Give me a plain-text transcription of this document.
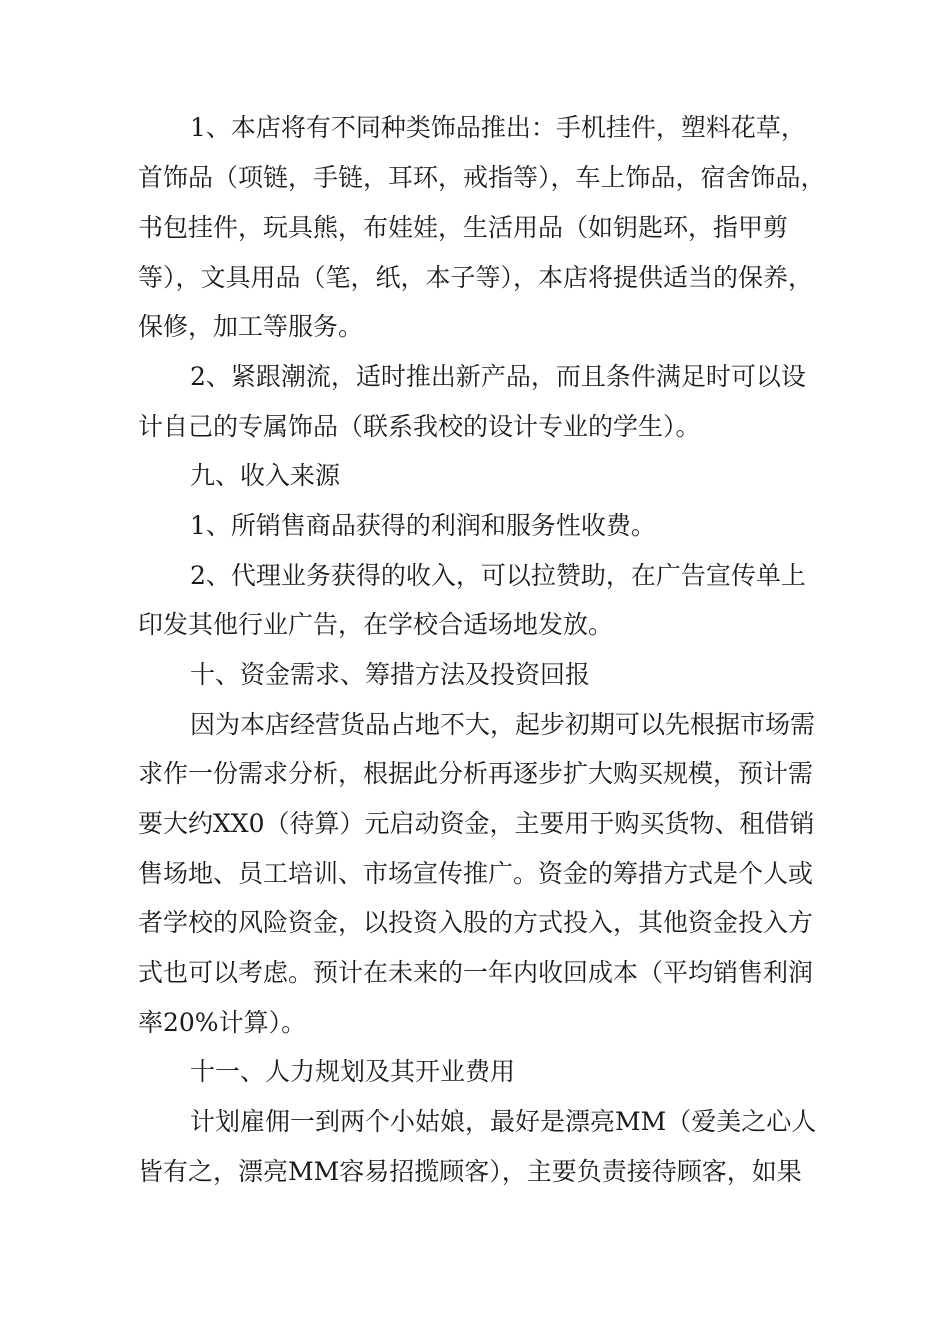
1、本店将有不同种类饰品推出：手机挂件，塑料花草，
首饰品（项链，手链，耳环，戒指等），车上饰品，宿舍饰品，
书包挂件，玩具熊，布娃娃，生活用品（如钥匙环，指甲剪
等），文具用品（笔，纸，本子等），本店将提供适当的保养，
保修，加工等服务。
2、紧跟潮流，适时推出新产品，而且条件满足时可以设
计自己的专属饰品（联系我校的设计专业的学生）。
九、收入来源
1、所销售商品获得的利润和服务性收费。
2、代理业务获得的收入，可以拉赞助，在广告宣传单上
印发其他行业广告，在学校合适场地发放。
十、资金需求、筹措方法及投资回报
因为本店经营货品占地不大，起步初期可以先根据市场需
求作一份需求分析，根据此分析再逐步扩大购买规模，预计需
要大约XX0（待算）元启动资金，主要用于购买货物、租借销
售场地、员工培训、市场宣传推广。资金的筹措方式是个人或
者学校的风险资金，以投资入股的方式投入，其他资金投入方
式也可以考虑。预计在未来的一年内收回成本（平均销售利润
率20%计算）。
十一、人力规划及其开业费用
计划雇佣一到两个小姑娘，最好是漂亮MM（爱美之心人
皆有之，漂亮MM容易招揽顾客），主要负责接待顾客，如果
